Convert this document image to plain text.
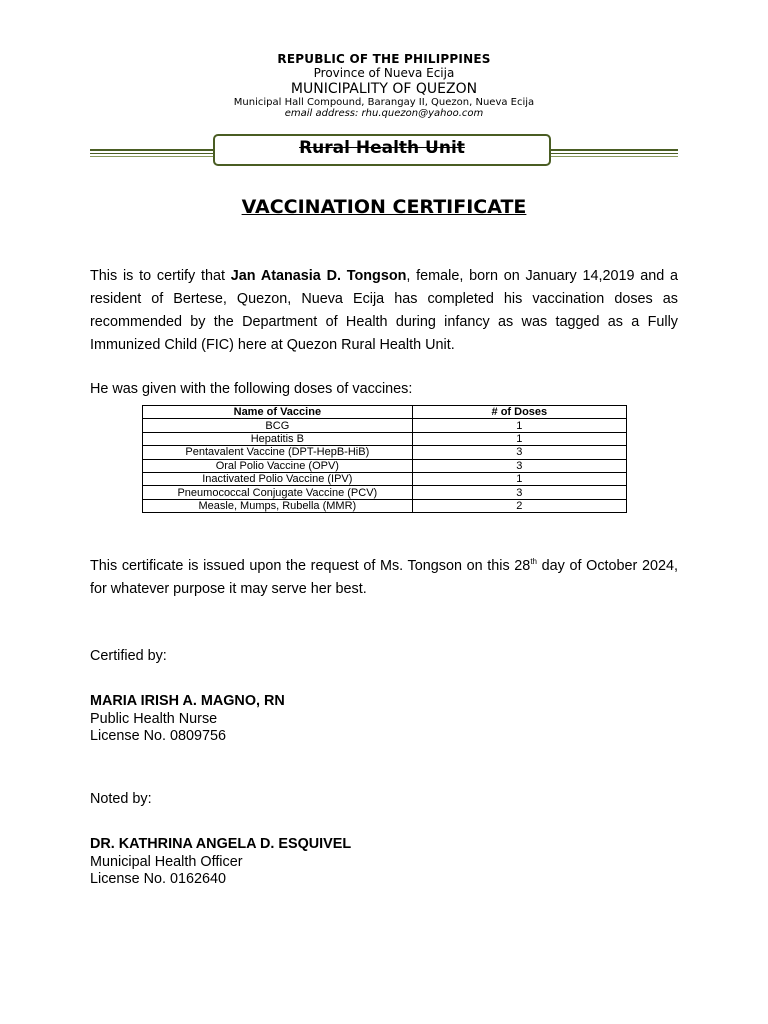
REPUBLIC OF THE PHILIPPINES
Province of Nueva Ecija
MUNICIPALITY OF QUEZON
Municipal Hall Compound, Barangay II, Quezon, Nueva Ecija
email address: rhu.quezon@yahoo.com
Rural Health Unit
VACCINATION CERTIFICATE
This is to certify that Jan Atanasia D. Tongson, female, born on January 14,2019 and a resident of Bertese, Quezon, Nueva Ecija has completed his vaccination doses as recommended by the Department of Health during infancy as was tagged as a Fully Immunized Child (FIC) here at Quezon Rural Health Unit.
He was given with the following doses of vaccines:
Name of Vaccine	# of Doses
BCG	1
Hepatitis B	1
Pentavalent Vaccine (DPT-HepB-HiB)	3
Oral Polio Vaccine (OPV)	3
Inactivated Polio Vaccine (IPV)	1
Pneumococcal Conjugate Vaccine (PCV)	3
Measle, Mumps, Rubella (MMR)	2
This certificate is issued upon the request of Ms. Tongson on this 28th day of October 2024, for whatever purpose it may serve her best.
Certified by:
MARIA IRISH A. MAGNO, RN
Public Health Nurse
License No. 0809756
Noted by:
DR. KATHRINA ANGELA D. ESQUIVEL
Municipal Health Officer
License No. 0162640
